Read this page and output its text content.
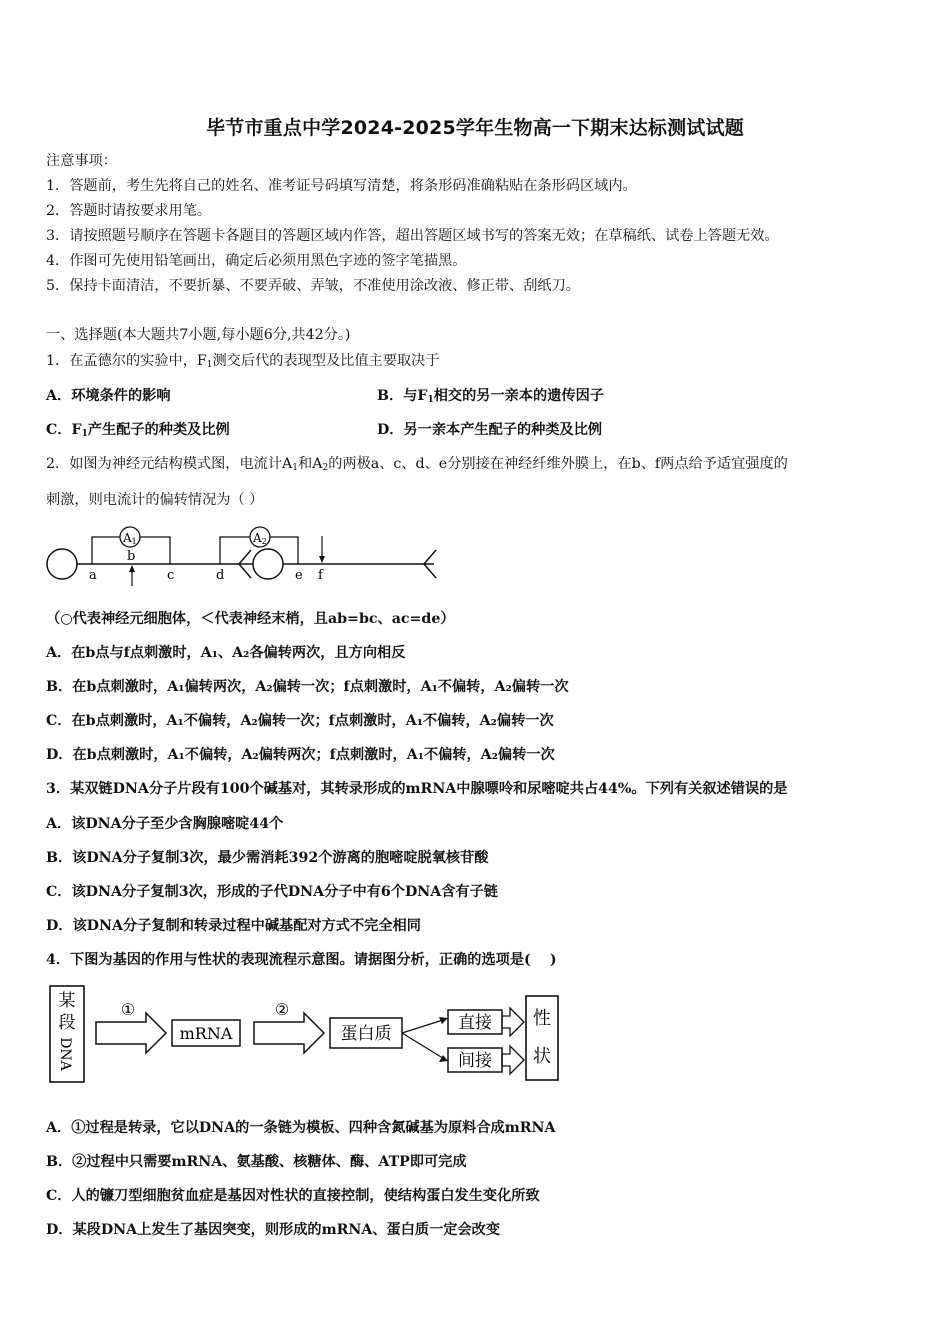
毕节市重点中学2024-2025学年生物高一下期末达标测试试题
注意事项：
1．答题前，考生先将自己的姓名、准考证号码填写清楚，将条形码准确粘贴在条形码区域内。
2．答题时请按要求用笔。
3．请按照题号顺序在答题卡各题目的答题区域内作答，超出答题区域书写的答案无效；在草稿纸、试卷上答题无效。
4．作图可先使用铅笔画出，确定后必须用黑色字迹的签字笔描黑。
5．保持卡面清洁，不要折暴、不要弄破、弄皱，不准使用涂改液、修正带、刮纸刀。
一、选择题(本大题共7小题,每小题6分,共42分。)
1．在孟德尔的实验中，$F_1$测交后代的表现型及比值主要取决于
A．环境条件的影响	B．与$F_1$相交的另一亲本的遗传因子
C．$F_1$产生配子的种类及比例	D．另一亲本产生配子的种类及比例
2．如图为神经元结构模式图，电流计$A_1$和$A_2$的两极a、c、d、e分别接在神经纤维外膜上，在b、f两点给予适宜强度的
刺激，则电流计的偏转情况为（ ）
A1	A2
a
b
c	d	e f
（○代表神经元细胞体，＜代表神经末梢，且ab=bc、ac=de）
A．在b点与f点刺激时，A₁、A₂各偏转两次，且方向相反
B．在b点刺激时，A₁偏转两次，A₂偏转一次；f点刺激时，A₁不偏转，A₂偏转一次
C．在b点刺激时，A₁不偏转，A₂偏转一次；f点刺激时，A₁不偏转，A₂偏转一次
D．在b点刺激时，A₁不偏转，A₂偏转两次；f点刺激时，A₁不偏转，A₂偏转一次
3．某双链DNA分子片段有100个碱基对，其转录形成的mRNA中腺嘌呤和尿嘧啶共占44%。下列有关叙述错误的是
A．该DNA分子至少含胸腺嘧啶44个
B．该DNA分子复制3次，最少需消耗392个游离的胞嘧啶脱氧核苷酸
C．该DNA分子复制3次，形成的子代DNA分子中有6个DNA含有子链
D．该DNA分子复制和转录过程中碱基配对方式不完全相同
4．下图为基因的作用与性状的表现流程示意图。请据图分析，正确的选项是(　 )
某
段
DNA
①
mRNA
②
蛋白质
直接
间接
性
状
A．①过程是转录，它以DNA的一条链为模板、四种含氮碱基为原料合成mRNA
B．②过程中只需要mRNA、氨基酸、核糖体、酶、ATP即可完成
C．人的镰刀型细胞贫血症是基因对性状的直接控制，使结构蛋白发生变化所致
D．某段DNA上发生了基因突变，则形成的mRNA、蛋白质一定会改变
